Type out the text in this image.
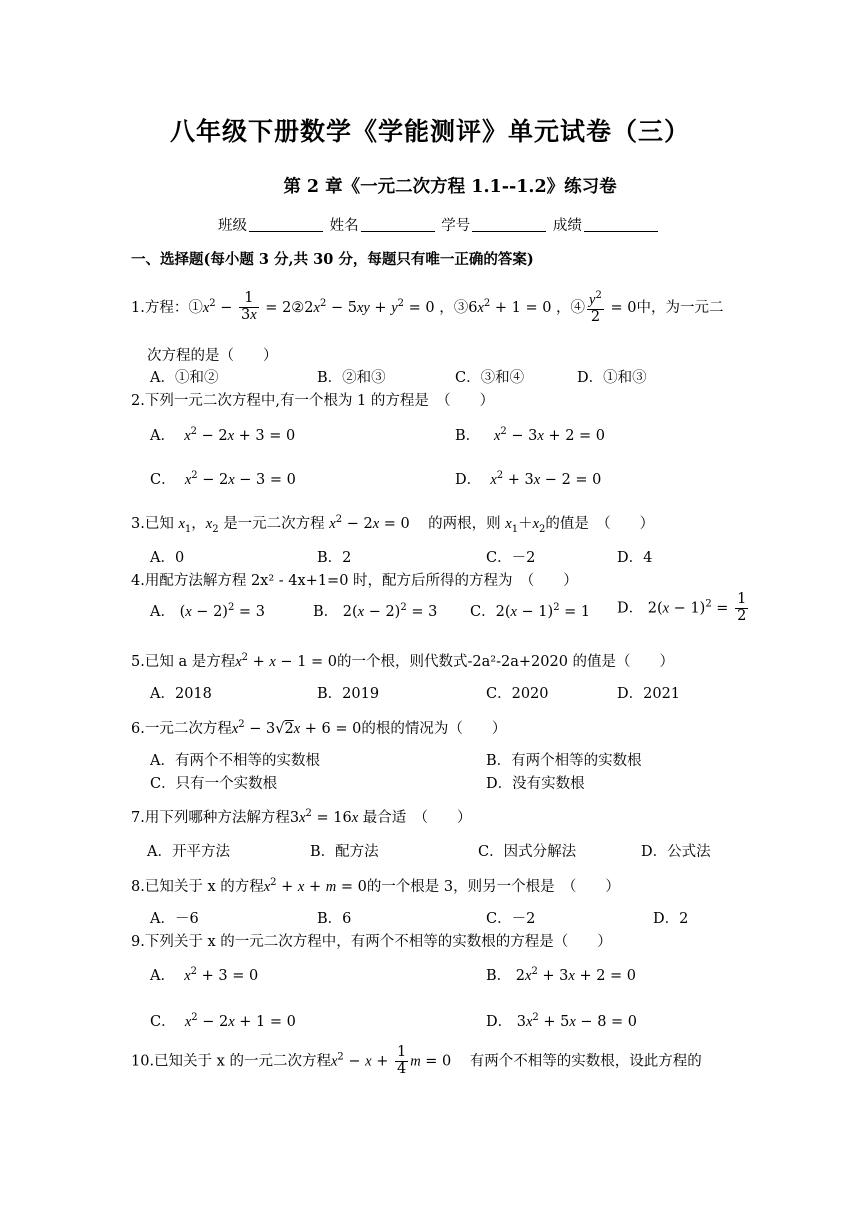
八年级下册数学《学能测评》单元试卷（三）
第 2 章《一元二次方程 1.1--1.2》练习卷
班级	姓名	学号	成绩
一、选择题(每小题 3 分,共 30 分，每题只有唯一正确的答案)
1.方程：$①x^2 - \frac{1}{3x}$ = $2②2x^2 - 5xy + y^2 = 0$ ，$③6x^2 + 1 = 0$ ，④ $\frac{y^2}{2} = 0$中，为一元二
次方程的是（　　）
A．①和②	B．②和③	C．③和④	D．①和③
2.下列一元二次方程中,有一个根为 1 的方程是　（　　）
A． $x^2 - 2x + 3 = 0$	B． $x^2 - 3x + 2 = 0$
C． $x^2 - 2x - 3 = 0$	D． $x^2 + 3x - 2 = 0$
3.已知 $x_1$，$x_2$ 是一元二次方程 $x^2 - 2x = 0$    的两根，则 $x_1+x_2$的值是　（　　）
A．0	B．2	C．－2	D．4
4.用配方法解方程 2x² - 4x+1=0 时，配方后所得的方程为　（　　）
A． $(x - 2)^2 = 3$	B． $2(x - 2)^2 = 3$ C．$2(x - 1)^2 = 1$ D． $2(x - 1)^2 = \frac{1}{2}$
5.已知 a 是方程$x^2 + x - 1 = 0$的一个根，则代数式-2a²-2a+2020 的值是（　　）
A．2018	B．2019	C．2020	D．2021
6.一元二次方程$x^2 - 3√2x + 6 = 0$的根的情况为（　　）
A．有两个不相等的实数根	B．有两个相等的实数根
C．只有一个实数根	D．没有实数根
7.用下列哪种方法解方程$3x^2 = 16x$ 最合适　（　　）
A．开平方法	B．配方法	C．因式分解法	D．公式法
8.已知关于 x 的方程$x^2 + x + m = 0$的一个根是 3，则另一个根是　（　　）
A．－6	B．6	C．－2	D．2
9.下列关于 x 的一元二次方程中，有两个不相等的实数根的方程是（　　）
A． $x^2 + 3 = 0$	B． $2x^2 + 3x + 2 = 0$
C． $x^2 - 2x + 1 = 0$	D． $3x^2 + 5x - 8 = 0$
10.已知关于 x 的一元二次方程$x^2 - x + \frac{1}{4}$ m = 0    有两个不相等的实数根，设此方程的
